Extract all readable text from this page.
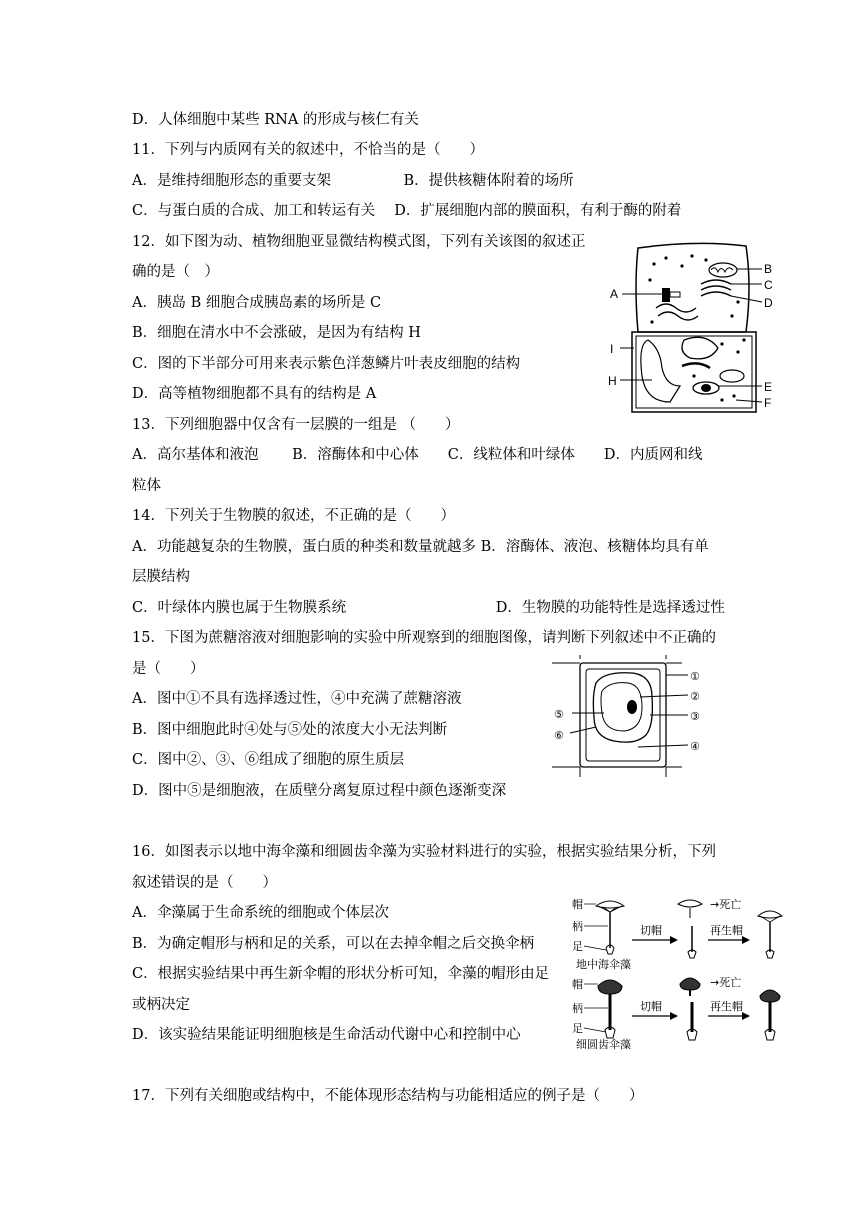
D．人体细胞中某些 RNA 的形成与核仁有关
11．下列与内质网有关的叙述中，不恰当的是（　　）
A．是维持细胞形态的重要支架　　　　　B．提供核糖体附着的场所
C．与蛋白质的合成、加工和转运有关　 D．扩展细胞内部的膜面积，有利于酶的附着
12．如下图为动、植物细胞亚显微结构模式图，下列有关该图的叙述正
确的是（　）
A．胰岛 B 细胞合成胰岛素的场所是 C
B．细胞在清水中不会涨破，是因为有结构 H
C．图的下半部分可用来表示紫色洋葱鳞片叶表皮细胞的结构
D．高等植物细胞都不具有的结构是 A
13．下列细胞器中仅含有一层膜的一组是 （　　）
A．高尔基体和液泡　　 B．溶酶体和中心体　　C．线粒体和叶绿体　　D．内质网和线
粒体
14．下列关于生物膜的叙述，不正确的是（　　）
A．功能越复杂的生物膜，蛋白质的种类和数量就越多 B．溶酶体、液泡、核糖体均具有单
层膜结构
C．叶绿体内膜也属于生物膜系统　　　　　　　　　　 D．生物膜的功能特性是选择透过性
15．下图为蔗糖溶液对细胞影响的实验中所观察到的细胞图像，请判断下列叙述中不正确的
是（　　）
A．图中①不具有选择透过性，④中充满了蔗糖溶液
B．图中细胞此时④处与⑤处的浓度大小无法判断
C．图中②、③、⑥组成了细胞的原生质层
D．图中⑤是细胞液，在质壁分离复原过程中颜色逐渐变深
16．如图表示以地中海伞藻和细圆齿伞藻为实验材料进行的实验，根据实验结果分析，下列
叙述错误的是（　　）
A．伞藻属于生命系统的细胞或个体层次
B．为确定帽形与柄和足的关系，可以在去掉伞帽之后交换伞柄
C．根据实验结果中再生新伞帽的形状分析可知，伞藻的帽形由足
或柄决定
D．该实验结果能证明细胞核是生命活动代谢中心和控制中心
17．下列有关细胞或结构中，不能体现形态结构与功能相适应的例子是（　　）
B
C
D
A
I
H	E
F
①
②
③
④
⑤
⑥
帽
柄
足
地中海伞藻
切帽
→死亡
再生帽
帽
柄
足
细圆齿伞藻
切帽
→死亡
再生帽
